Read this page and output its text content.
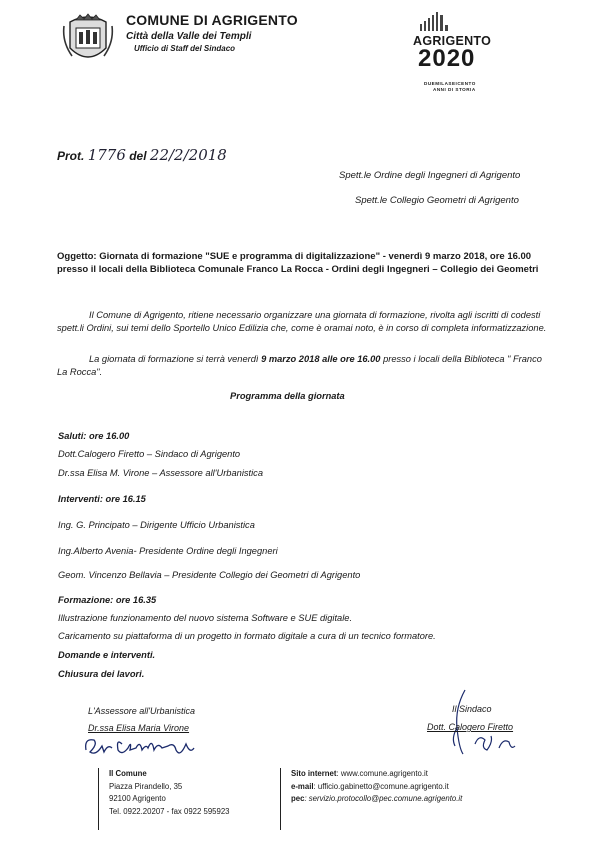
COMUNE DI AGRIGENTO
Città della Valle dei Templi
Ufficio di Staff del Sindaco
AGRIGENTO
2020
DUEMILASEICENTO
ANNI DI STORIA
Prot. 1776 del 22/2/2018
Spett.le Ordine degli Ingegneri di Agrigento
Spett.le Collegio Geometri di Agrigento
Oggetto: Giornata di formazione "SUE e programma di digitalizzazione" - venerdì 9 marzo 2018, ore 16.00 presso il locali della Biblioteca Comunale Franco La Rocca - Ordini degli Ingegneri – Collegio dei Geometri
Il Comune di Agrigento, ritiene necessario organizzare una giornata di formazione, rivolta agli iscritti di codesti spett.li Ordini, sui temi dello Sportello Unico Edilizia che, come è oramai noto, è in corso di completa informatizzazione.
La giornata di formazione si terrà venerdì 9 marzo 2018 alle ore 16.00 presso i locali della Biblioteca " Franco La Rocca".
Programma della giornata
Saluti: ore 16.00
Dott.Calogero Firetto – Sindaco di Agrigento
Dr.ssa Elisa M. Virone – Assessore all'Urbanistica
Interventi: ore 16.15
Ing. G. Principato – Dirigente Ufficio Urbanistica
Ing.Alberto Avenia- Presidente Ordine degli Ingegneri
Geom. Vincenzo Bellavia – Presidente Collegio dei Geometri di Agrigento
Formazione: ore 16.35
Illustrazione funzionamento del nuovo sistema Software e SUE digitale.
Caricamento su piattaforma di un progetto in formato digitale a cura di un tecnico formatore.
Domande e interventi.
Chiusura dei lavori.
L'Assessore all'Urbanistica
Dr.ssa Elisa Maria Virone
Il Sindaco
Dott. Calogero Firetto
Il Comune
Piazza Pirandello, 35
92100 Agrigento
Tel. 0922.20207 - fax 0922 595923
Sito internet: www.comune.agrigento.it
e-mail: ufficio.gabinetto@comune.agrigento.it
pec: servizio.protocollo@pec.comune.agrigento.it
